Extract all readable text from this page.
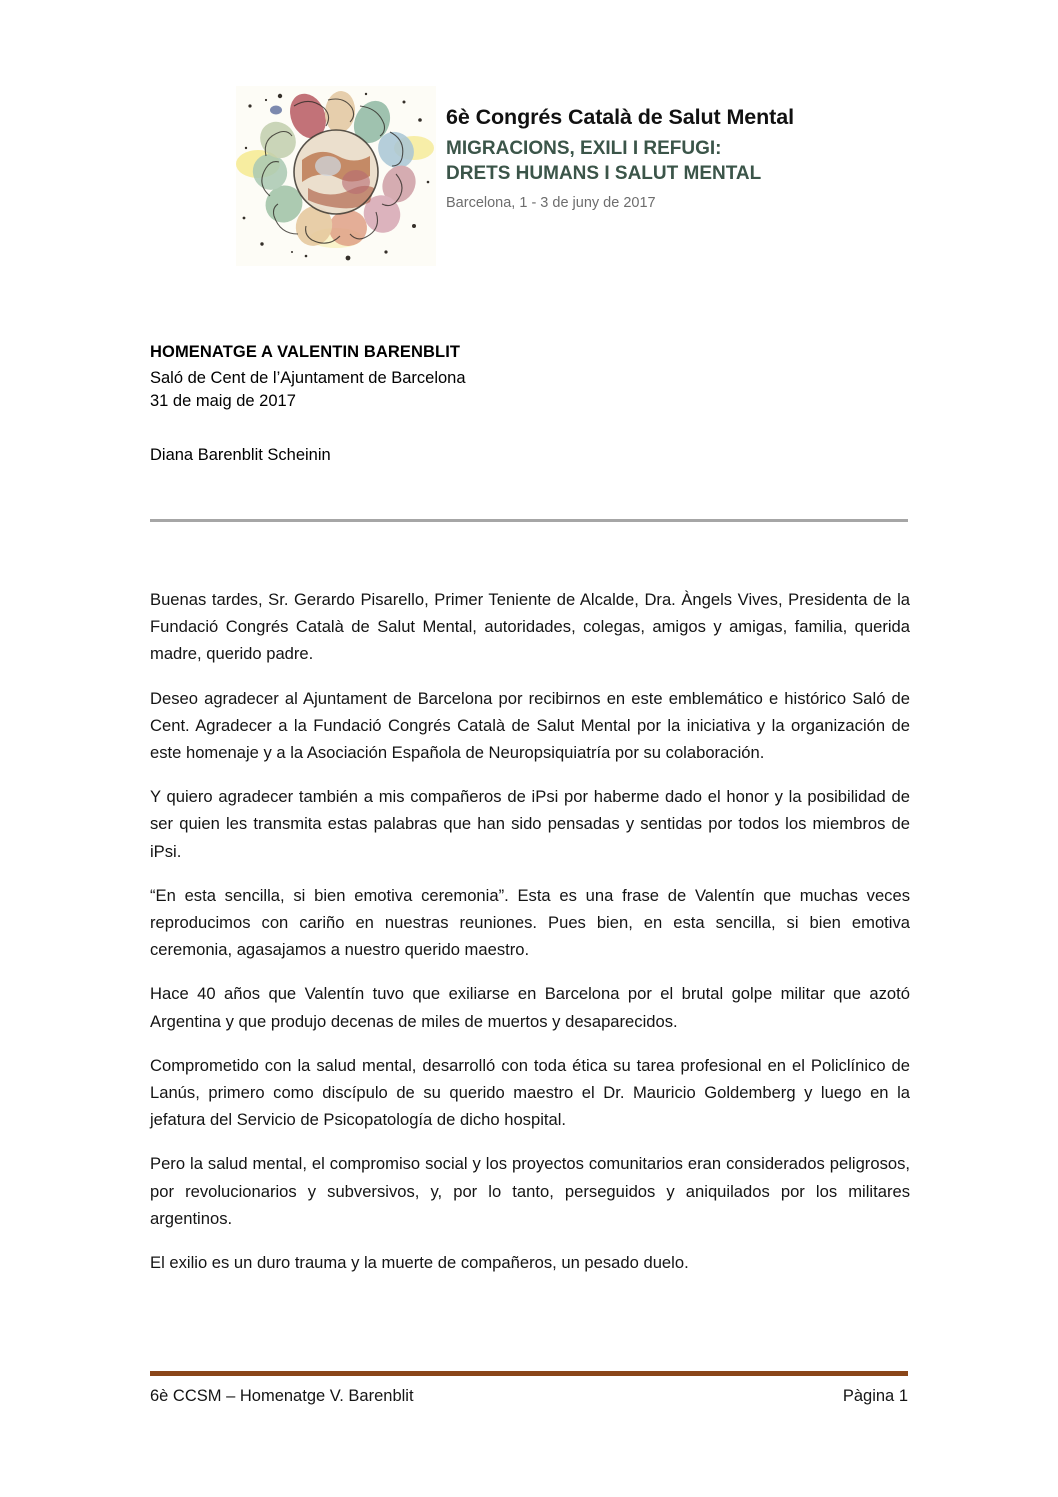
6è Congrés Català de Salut Mental
MIGRACIONS, EXILI I REFUGI:
DRETS HUMANS I SALUT MENTAL
Barcelona, 1 - 3 de juny de 2017

HOMENATGE A VALENTIN BARENBLIT

Saló de Cent de l’Ajuntament de Barcelona

31 de maig de 2017

Diana Barenblit Scheinin

Buenas tardes, Sr. Gerardo Pisarello, Primer Teniente de Alcalde, Dra. Àngels Vives, Presidenta de la Fundació Congrés Català de Salut Mental, autoridades, colegas, amigos y amigas, familia, querida madre, querido padre.

Deseo agradecer al Ajuntament de Barcelona por recibirnos en este emblemático e histórico Saló de Cent. Agradecer a la Fundació Congrés Català de Salut Mental por la iniciativa y la organización de este homenaje y a la Asociación Española de Neuropsiquiatría por su colaboración.

Y quiero agradecer también a mis compañeros de iPsi por haberme dado el honor y la posibilidad de ser quien les transmita estas palabras que han sido pensadas y sentidas por todos los miembros de iPsi.

“En esta sencilla, si bien emotiva ceremonia”. Esta es una frase de Valentín que muchas veces reproducimos con cariño en nuestras reuniones. Pues bien, en esta sencilla, si bien emotiva ceremonia, agasajamos a nuestro querido maestro.

Hace 40 años que Valentín tuvo que exiliarse en Barcelona por el brutal golpe militar que azotó Argentina y que produjo decenas de miles de muertos y desaparecidos.

Comprometido con la salud mental, desarrolló con toda ética su tarea profesional en el Policlínico de Lanús, primero como discípulo de su querido maestro el Dr. Mauricio Goldemberg y luego en la jefatura del Servicio de Psicopatología de dicho hospital.

Pero la salud mental, el compromiso social y los proyectos comunitarios eran considerados peligrosos, por revolucionarios y subversivos, y, por lo tanto, perseguidos y aniquilados por los militares argentinos.

El exilio es un duro trauma y la muerte de compañeros, un pesado duelo.

6è CCSM – Homenatge V. Barenblit	Pàgina 1
